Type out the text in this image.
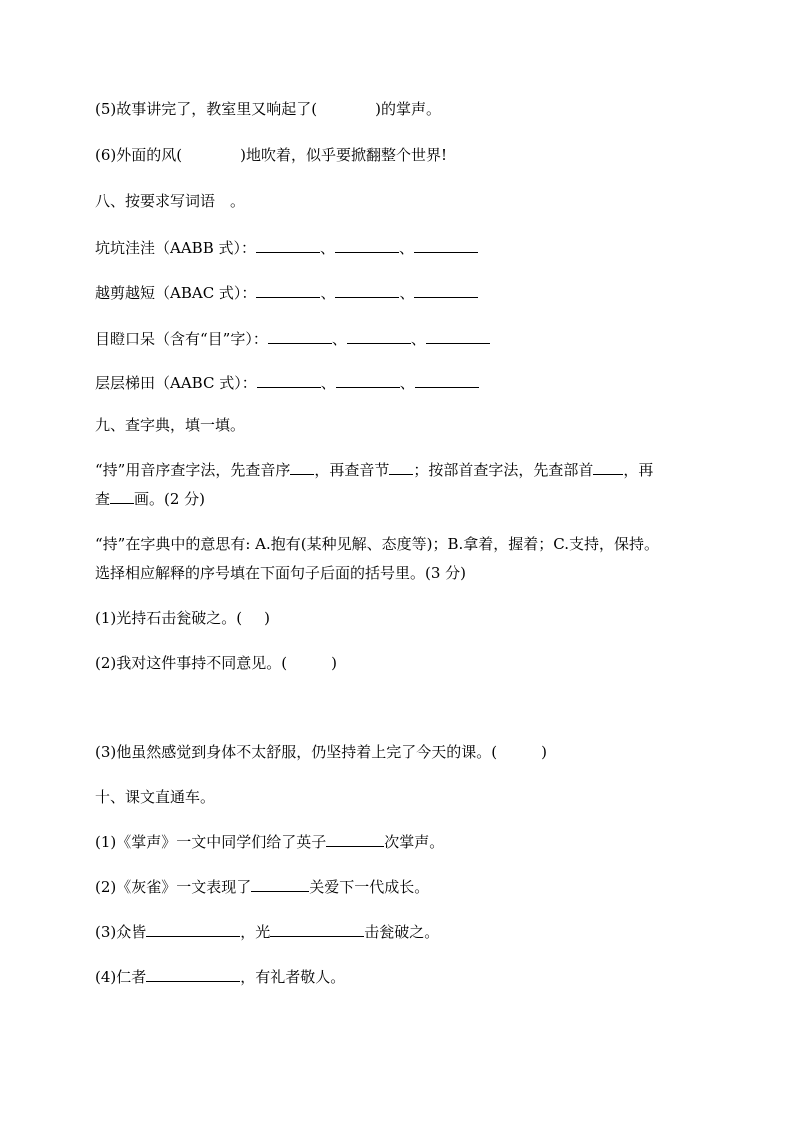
(5)故事讲完了，教室里又响起了(	)的掌声。
(6)外面的风(	)地吹着，似乎要掀翻整个世界!
八、按要求写词语　。
坑坑洼洼（AABB 式）：	、	、
越剪越短（ABAC 式）：	、	、
目瞪口呆（含有“目”字）：	、	、
层层梯田（AABC 式）：	、	、
九、查字典，填一填。
“持”用音序查字法，先查音序 ，再查音节 ；按部首查字法，先查部首 ，再
查 画。(2 分)
“持”在字典中的意思有: A.抱有(某种见解、态度等)；B.拿着，握着；C.支持，保持。
选择相应解释的序号填在下面句子后面的括号里。(3 分)
(1)光持石击瓮破之。( )
(2)我对这件事持不同意见。(	)
(3)他虽然感觉到身体不太舒服，仍坚持着上完了今天的课。(	)
十、课文直通车。
(1)《掌声》一文中同学们给了英子	次掌声。
(2)《灰雀》一文表现了	关爱下一代成长。
(3)众皆	，光	击瓮破之。
(4)仁者	，有礼者敬人。
